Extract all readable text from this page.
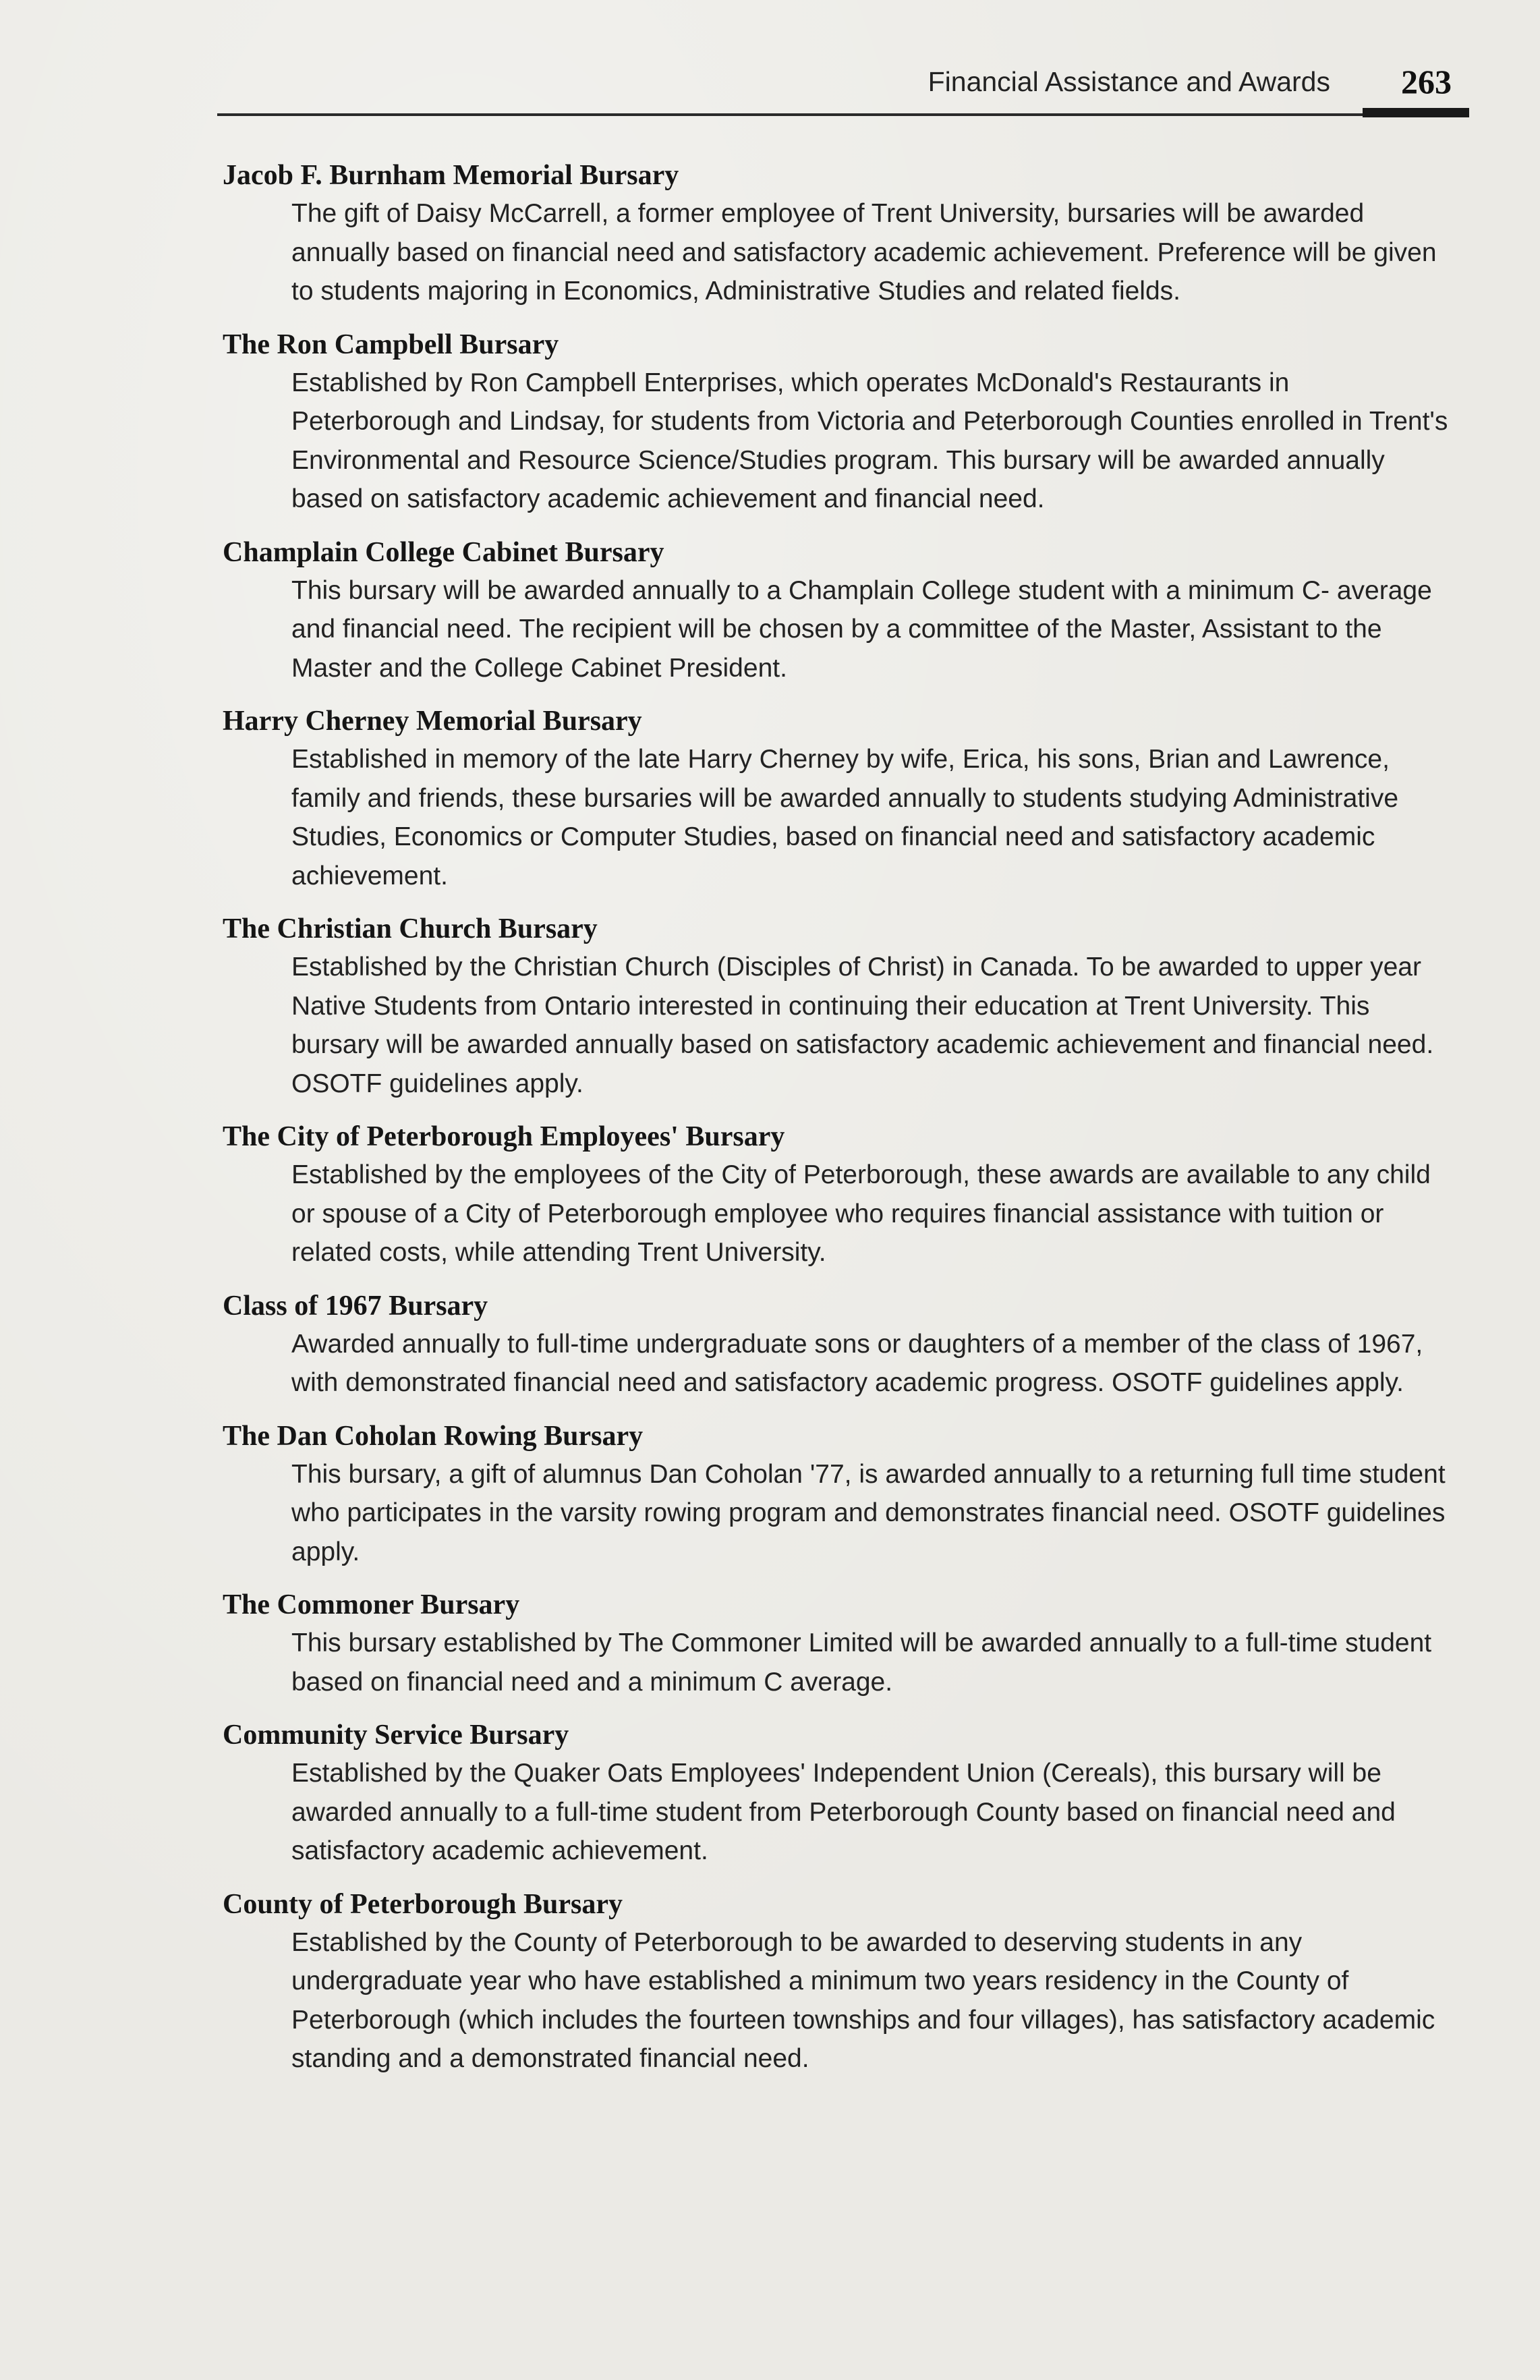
Financial Assistance and Awards 263

Jacob F. Burnham Memorial Bursary

The gift of Daisy McCarrell, a former employee of Trent University, bursaries will be awarded annually based on financial need and satisfactory academic achievement. Preference will be given to students majoring in Economics, Administrative Studies and related fields.

The Ron Campbell Bursary

Established by Ron Campbell Enterprises, which operates McDonald's Restaurants in Peterborough and Lindsay, for students from Victoria and Peterborough Counties enrolled in Trent's Environmental and Resource Science/Studies program. This bursary will be awarded annually based on satisfactory academic achievement and financial need.

Champlain College Cabinet Bursary

This bursary will be awarded annually to a Champlain College student with a minimum C- average and financial need. The recipient will be chosen by a committee of the Master, Assistant to the Master and the College Cabinet President.

Harry Cherney Memorial Bursary

Established in memory of the late Harry Cherney by wife, Erica, his sons, Brian and Lawrence, family and friends, these bursaries will be awarded annually to students studying Administrative Studies, Economics or Computer Studies, based on financial need and satisfactory academic achievement.

The Christian Church Bursary

Established by the Christian Church (Disciples of Christ) in Canada. To be awarded to upper year Native Students from Ontario interested in continuing their education at Trent University. This bursary will be awarded annually based on satisfactory academic achievement and financial need. OSOTF guidelines apply.

The City of Peterborough Employees' Bursary

Established by the employees of the City of Peterborough, these awards are available to any child or spouse of a City of Peterborough employee who requires financial assistance with tuition or related costs, while attending Trent University.

Class of 1967 Bursary

Awarded annually to full-time undergraduate sons or daughters of a member of the class of 1967, with demonstrated financial need and satisfactory academic progress. OSOTF guidelines apply.

The Dan Coholan Rowing Bursary

This bursary, a gift of alumnus Dan Coholan '77, is awarded annually to a returning full time student who participates in the varsity rowing program and demonstrates financial need. OSOTF guidelines apply.

The Commoner Bursary

This bursary established by The Commoner Limited will be awarded annually to a full-time student based on financial need and a minimum C average.

Community Service Bursary

Established by the Quaker Oats Employees' Independent Union (Cereals), this bursary will be awarded annually to a full-time student from Peterborough County based on financial need and satisfactory academic achievement.

County of Peterborough Bursary

Established by the County of Peterborough to be awarded to deserving students in any undergraduate year who have established a minimum two years residency in the County of Peterborough (which includes the fourteen townships and four villages), has satisfactory academic standing and a demonstrated financial need.
